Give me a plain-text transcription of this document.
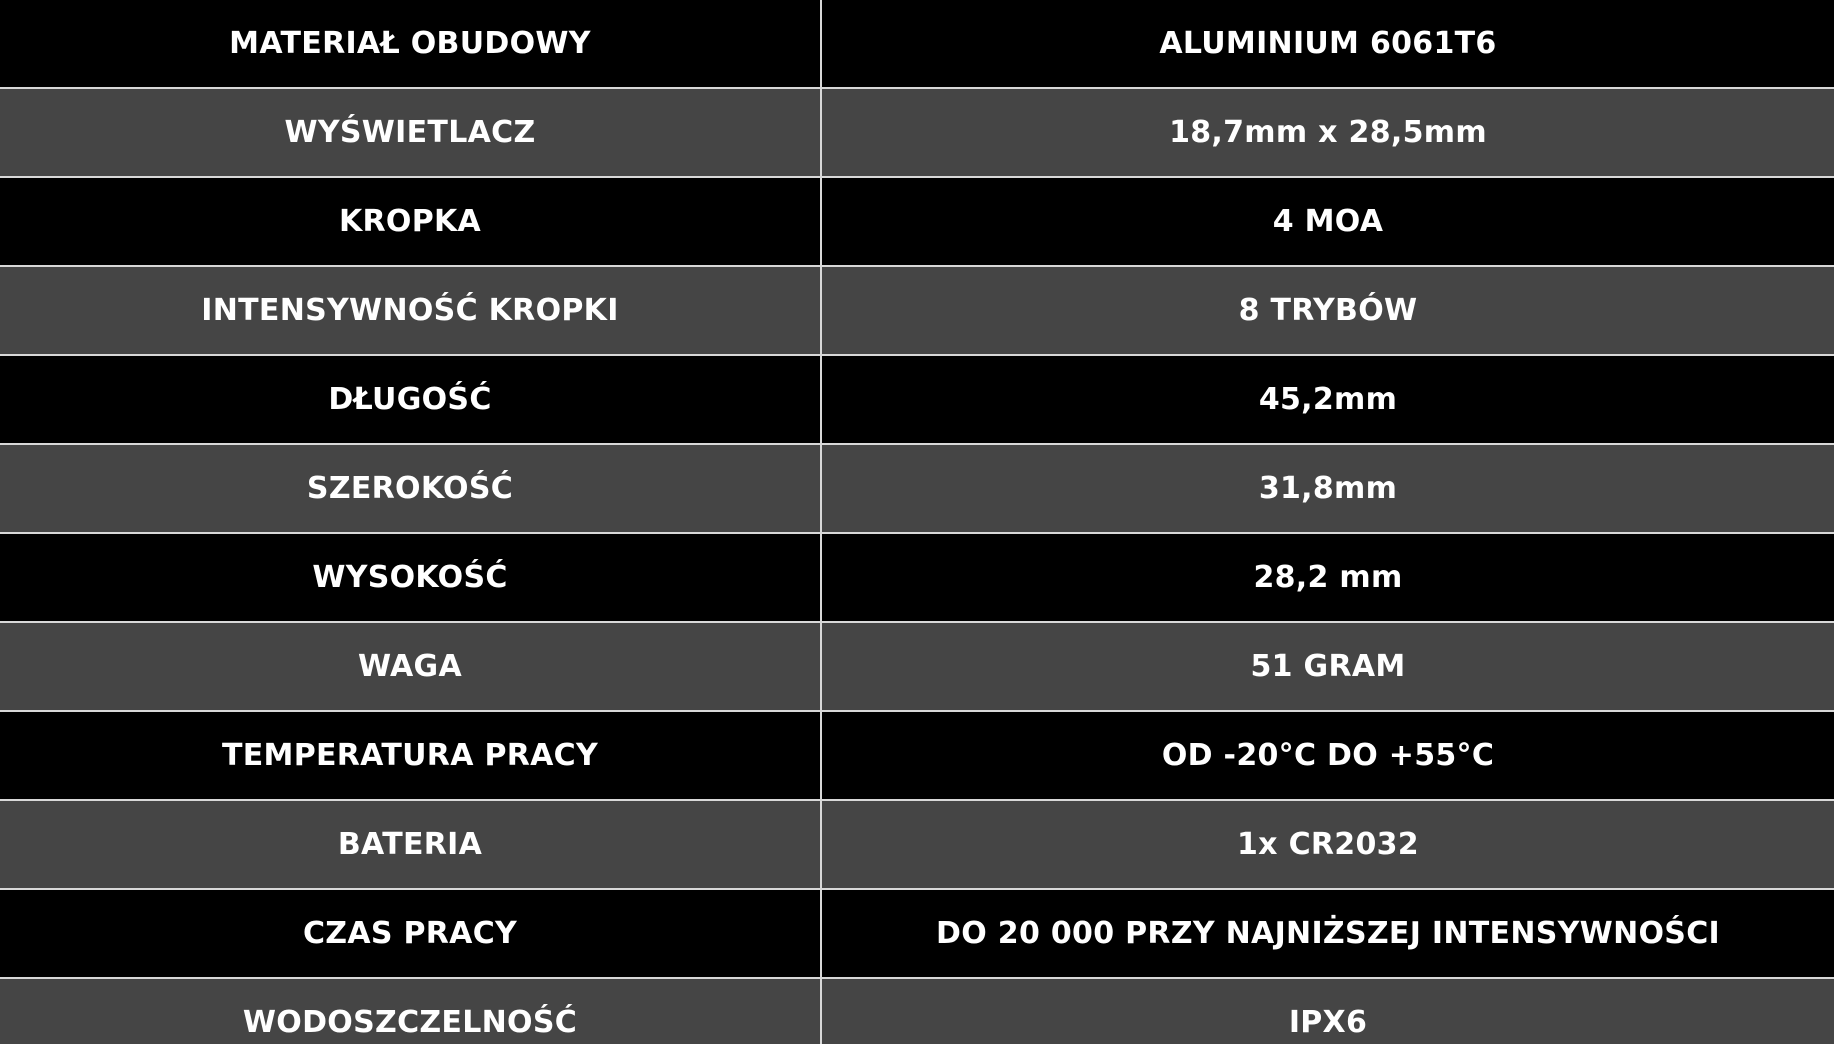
MATERIAŁ OBUDOWY	ALUMINIUM 6061T6
WYŚWIETLACZ	18,7mm x 28,5mm
KROPKA	4 MOA
INTENSYWNOŚĆ KROPKI	8 TRYBÓW
DŁUGOŚĆ	45,2mm
SZEROKOŚĆ	31,8mm
WYSOKOŚĆ	28,2 mm
WAGA	51 GRAM
TEMPERATURA PRACY	OD -20°C DO +55°C
BATERIA	1x CR2032
CZAS PRACY	DO 20 000 PRZY NAJNIŻSZEJ INTENSYWNOŚCI
WODOSZCZELNOŚĆ	IPX6
